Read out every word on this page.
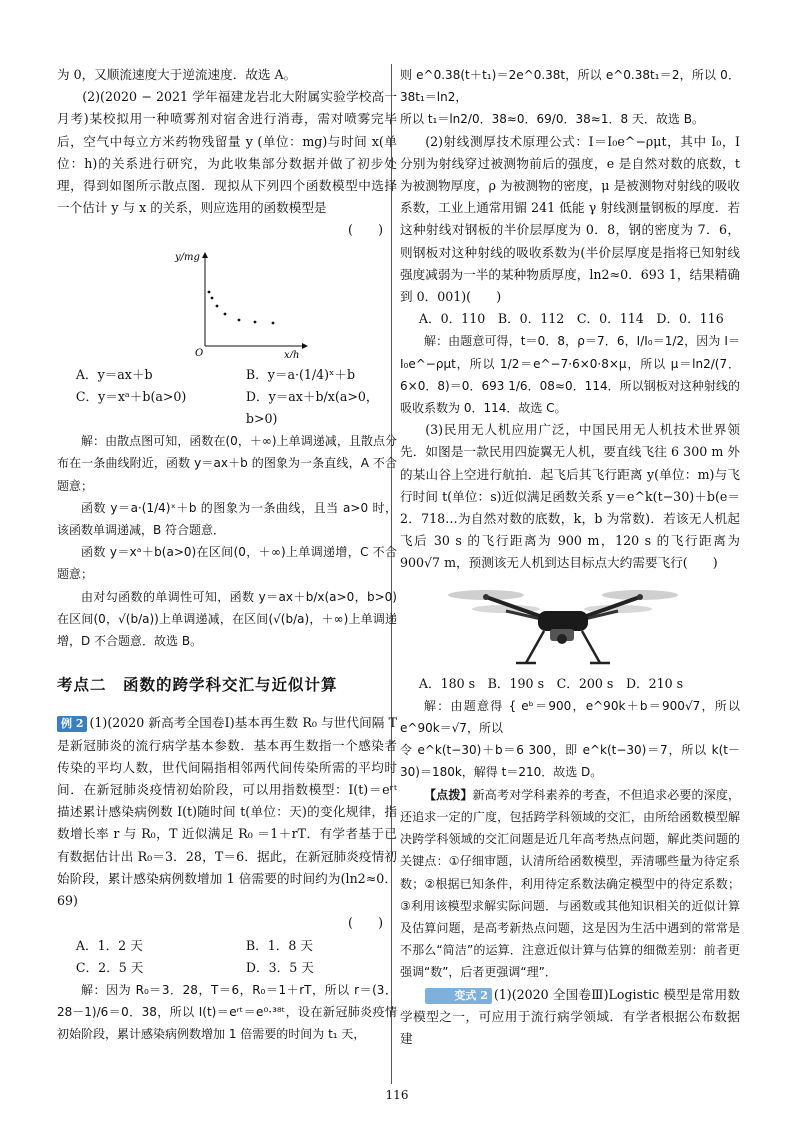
为 0，又顺流速度大于逆流速度．故选 A。

(2)(2020 − 2021 学年福建龙岩北大附属实验学校高一月考)某校拟用一种喷雾剂对宿舍进行消毒，需对喷雾完毕后，空气中每立方米药物残留量 y (单位：mg)与时间 x(单位：h)的关系进行研究，为此收集部分数据并做了初步处理，得到如图所示散点图．现拟从下列四个函数模型中选择一个估计 y 与 x 的关系，则应选用的函数模型是

(　　)

y/mg
x/h
O
A．y＝ax＋b	B．y＝a·(1/4)ˣ＋b
C．y＝xᵃ＋b(a>0)	D．y＝ax＋b/x(a>0，b>0)

解：由散点图可知，函数在(0，＋∞)上单调递减，且散点分布在一条曲线附近，函数 y＝ax＋b 的图象为一条直线，A 不合题意；

函数 y＝a·(1/4)ˣ＋b 的图象为一条曲线，且当 a>0 时，该函数单调递减，B 符合题意．

函数 y＝xᵃ＋b(a>0)在区间(0，＋∞)上单调递增，C 不合题意；

由对勾函数的单调性可知，函数 y＝ax＋b/x(a>0，b>0)在区间(0，√(b/a))上单调递减，在区间(√(b/a)，＋∞)上单调递增，D 不合题意．故选 B。

考点二　函数的跨学科交汇与近似计算

例 2 (1)(2020 新高考全国卷Ⅰ)基本再生数 R₀ 与世代间隔 T 是新冠肺炎的流行病学基本参数．基本再生数指一个感染者传染的平均人数，世代间隔指相邻两代间传染所需的平均时间．在新冠肺炎疫情初始阶段，可以用指数模型：I(t)＝eʳᵗ 描述累计感染病例数 I(t)随时间 t(单位：天)的变化规律，指数增长率 r 与 R₀，T 近似满足 R₀ ＝1＋rT．有学者基于已有数据估计出 R₀＝3．28，T＝6．据此，在新冠肺炎疫情初始阶段，累计感染病例数增加 1 倍需要的时间约为(ln2≈0．69)

(　　)

A．1．2 天	B．1．8 天
C．2．5 天	D．3．5 天

解：因为 R₀＝3．28，T＝6，R₀＝1＋rT，所以 r＝(3．28－1)/6＝0．38，所以 I(t)＝eʳᵗ＝e⁰·³⁸ᵗ，设在新冠肺炎疫情初始阶段，累计感染病例数增加 1 倍需要的时间为 t₁ 天，

则 e^0.38(t＋t₁)＝2e^0.38t，所以 e^0.38t₁＝2，所以 0．38t₁＝ln2，

所以 t₁＝ln2/0．38≈0．69/0．38≈1．8 天．故选 B。

(2)射线测厚技术原理公式：I＝I₀e^−ρμt，其中 I₀，I 分别为射线穿过被测物前后的强度，e 是自然对数的底数，t 为被测物厚度，ρ 为被测物的密度，μ 是被测物对射线的吸收系数，工业上通常用镅 241 低能 γ 射线测量钢板的厚度．若这种射线对钢板的半价层厚度为 0．8，钢的密度为 7．6，则钢板对这种射线的吸收系数为(半价层厚度是指将已知射线强度减弱为一半的某种物质厚度，ln2≈0．693 1，结果精确到 0．001)(　　)

A．0．110　B．0．112　C．0．114　D．0．116

解：由题意可得，t＝0．8，ρ＝7．6，I/I₀＝1/2，因为 I＝I₀e^−ρμt，所以 1/2＝e^−7·6×0·8×μ，所以 μ＝ln2/(7．6×0．8)＝0．693 1/6．08≈0．114．所以钢板对这种射线的吸收系数为 0．114．故选 C。

(3)民用无人机应用广泛，中国民用无人机技术世界领先．如图是一款民用四旋翼无人机，要直线飞往 6 300 m 外的某山谷上空进行航拍．起飞后其飞行距离 y(单位：m)与飞行时间 t(单位：s)近似满足函数关系 y＝e^k(t−30)＋b(e＝2．718…为自然对数的底数，k，b 为常数)．若该无人机起飞后 30 s 的飞行距离为 900 m，120 s 的飞行距离为 900√7 m，预测该无人机到达目标点大约需要飞行(　　)

A．180 s　B．190 s　C．200 s　D．210 s

解：由题意得 { eᵇ＝900，e^90k＋b＝900√7，所以 e^90k＝√7，所以

令 e^k(t−30)＋b＝6 300，即 e^k(t−30)＝7，所以 k(t－30)＝180k，解得 t＝210．故选 D。

【点拨】新高考对学科素养的考查，不但追求必要的深度，还追求一定的广度，包括跨学科领域的交汇，由所给函数模型解决跨学科领域的交汇问题是近几年高考热点问题，解此类问题的关键点：①仔细审题，认清所给函数模型，弄清哪些量为待定系数；②根据已知条件，利用待定系数法确定模型中的待定系数；③利用该模型求解实际问题．与函数或其他知识相关的近似计算及估算问题，是高考新热点问题，这是因为生活中遇到的常常是不那么“简洁”的运算．注意近似计算与估算的细微差别：前者更强调“数”，后者更强调“理”．

变式 2 (1)(2020 全国卷Ⅲ)Logistic 模型是常用数学模型之一，可应用于流行病学领域．有学者根据公布数据建

116
